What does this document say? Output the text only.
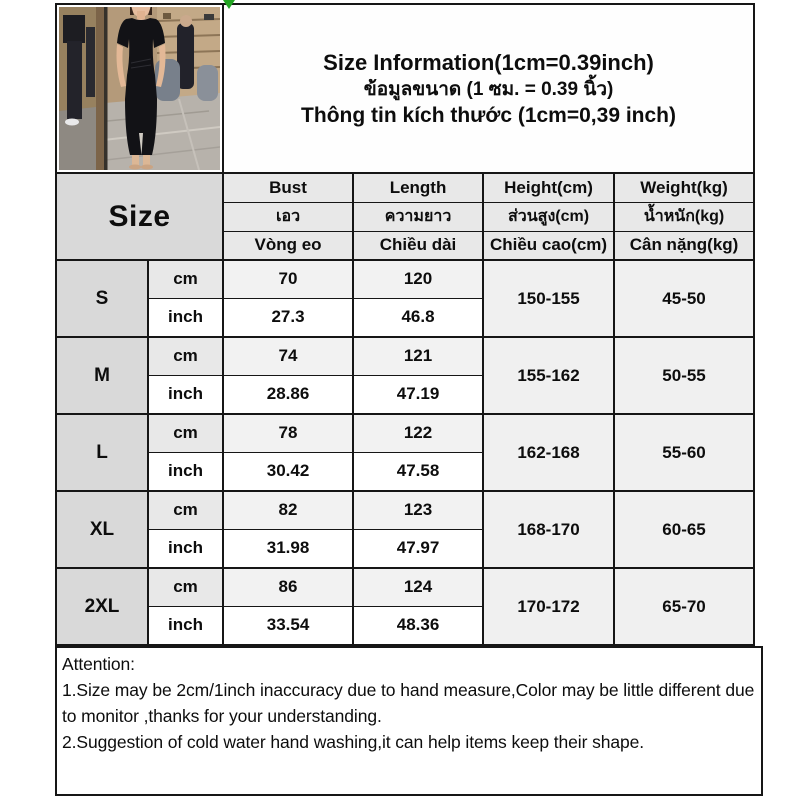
Size Information(1cm=0.39inch)
ข้อมูลขนาด (1 ซม. = 0.39 นิ้ว)
Thông tin kích thước (1cm=0,39 inch)			

Size		Bust	Length	Height(cm)	Weight(kg)
		เอว	ความยาว	ส่วนสูง(cm)	น้ำหนัก(kg)
		Vòng eo	Chiều dài	Chiều cao(cm)	Cân nặng(kg)
S	cm	70	120	150-155	45-50
	inch	27.3	46.8		
M	cm	74	121	155-162	50-55
	inch	28.86	47.19		
L	cm	78	122	162-168	55-60
	inch	30.42	47.58		
XL	cm	82	123	168-170	60-65
	inch	31.98	47.97		
2XL	cm	86	124	170-172	65-70
	inch	33.54	48.36		

Attention:

1.Size may be 2cm/1inch inaccuracy due to hand measure,Color may be little different due to monitor ,thanks for your understanding.

2.Suggestion of cold water hand washing,it can help items keep their shape.
